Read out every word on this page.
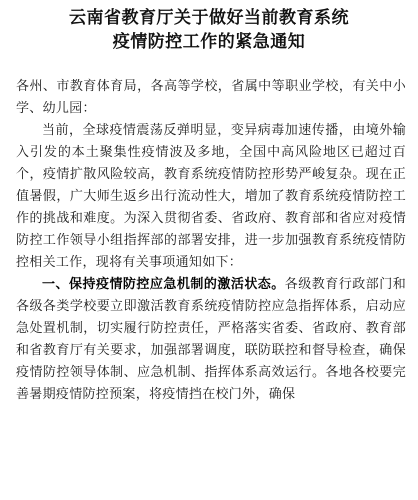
云南省教育厅关于做好当前教育系统
疫情防控工作的紧急通知

各州、市教育体育局，各高等学校，省属中等职业学校，有关中小学、幼儿园：

当前，全球疫情震荡反弹明显，变异病毒加速传播，由境外输入引发的本土聚集性疫情波及多地，全国中高风险地区已超过百个，疫情扩散风险较高，教育系统疫情防控形势严峻复杂。现在正值暑假，广大师生返乡出行流动性大，增加了教育系统疫情防控工作的挑战和难度。为深入贯彻省委、省政府、教育部和省应对疫情防控工作领导小组指挥部的部署安排，进一步加强教育系统疫情防控相关工作，现将有关事项通知如下：

一、保持疫情防控应急机制的激活状态。各级教育行政部门和各级各类学校要立即激活教育系统疫情防控应急指挥体系，启动应急处置机制，切实履行防控责任，严格落实省委、省政府、教育部和省教育厅有关要求，加强部署调度，联防联控和督导检查，确保疫情防控领导体制、应急机制、指挥体系高效运行。各地各校要完善暑期疫情防控预案，将疫情挡在校门外，确保
